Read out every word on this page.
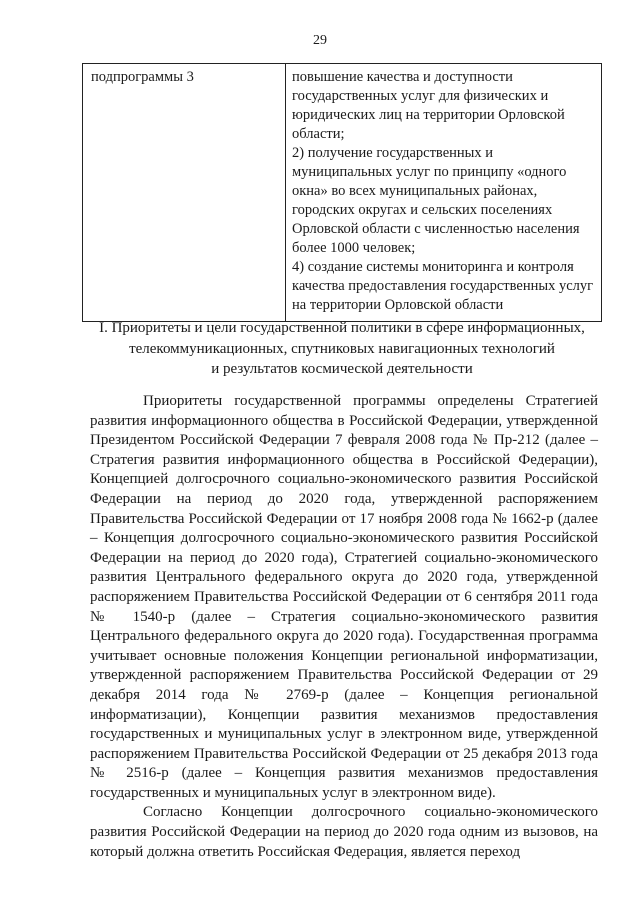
29
подпрограммы 3	повышение качества и доступности государственных услуг для физических и юридических лиц на территории Орловской области;
2) получение государственных и муниципальных услуг по принципу «одного окна» во всех муниципальных районах, городских округах и сельских поселениях Орловской области с численностью населения более 1000 человек;
4) создание системы мониторинга и контроля качества предоставления государственных услуг на территории Орловской области
I. Приоритеты и цели государственной политики в сфере информационных,
телекоммуникационных, спутниковых навигационных технологий
и результатов космической деятельности

Приоритеты государственной программы определены Стратегией развития информационного общества в Российской Федерации, утвержденной Президентом Российской Федерации 7 февраля 2008 года № Пр-212 (далее – Стратегия развития информационного общества в Российской Федерации), Концепцией долгосрочного социально-экономического развития Российской Федерации на период до 2020 года, утвержденной распоряжением Правительства Российской Федерации от 17 ноября 2008 года № 1662-р (далее – Концепция долгосрочного социально-экономического развития Российской Федерации на период до 2020 года), Стратегией социально-экономического развития Центрального федерального округа до 2020 года, утвержденной распоряжением Правительства Российской Федерации от 6 сентября 2011 года № 1540-р (далее – Стратегия социально-экономического развития Центрального федерального округа до 2020 года). Государственная программа учитывает основные положения Концепции региональной информатизации, утвержденной распоряжением Правительства Российской Федерации от 29 декабря 2014 года № 2769-р (далее – Концепция региональной информатизации), Концепции развития механизмов предоставления государственных и муниципальных услуг в электронном виде, утвержденной распоряжением Правительства Российской Федерации от 25 декабря 2013 года № 2516-р (далее – Концепция развития механизмов предоставления государственных и муниципальных услуг в электронном виде).

Согласно Концепции долгосрочного социально-экономического развития Российской Федерации на период до 2020 года одним из вызовов, на который должна ответить Российская Федерация, является переход
